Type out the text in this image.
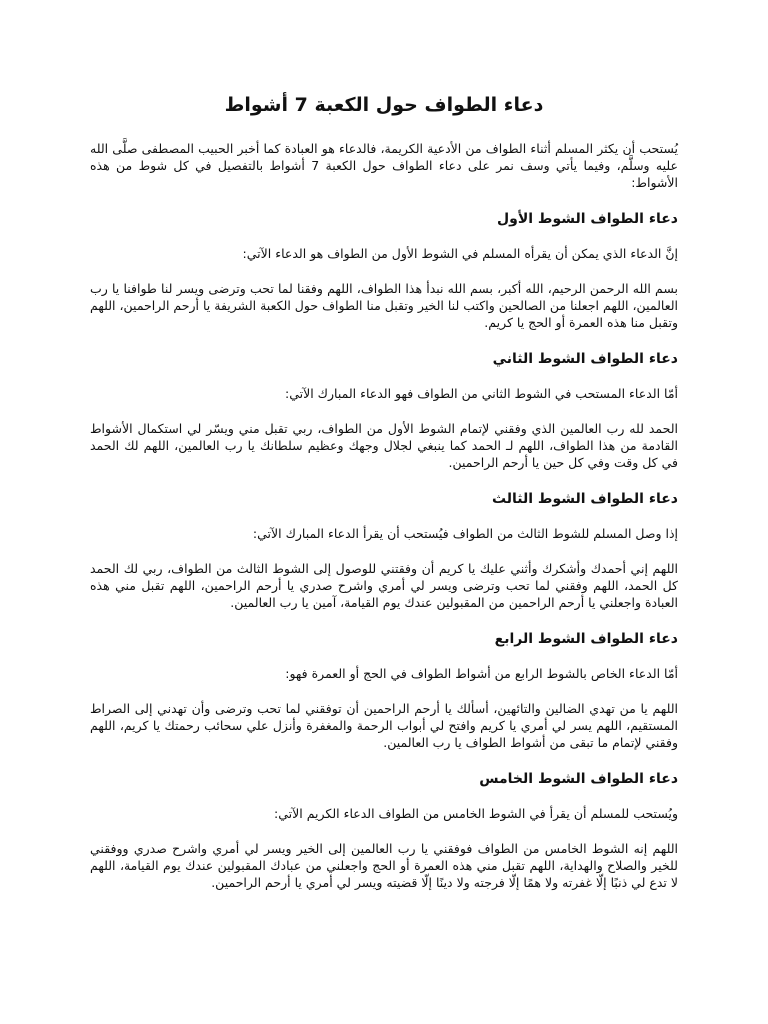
دعاء الطواف حول الكعبة 7 أشواط

يُستحب أن يكثر المسلم أثناء الطواف من الأدعية الكريمة، فالدعاء هو العبادة كما أخبر الحبيب المصطفى صلَّى الله عليه وسلَّم، وفيما يأتي وسف نمر على دعاء الطواف حول الكعبة 7 أشواط بالتفصيل في كل شوط من هذه الأشواط:

دعاء الطواف الشوط الأول

إنَّ الدعاء الذي يمكن أن يقرأه المسلم في الشوط الأول من الطواف هو الدعاء الآتي:

بسم الله الرحمن الرحيم، الله أكبر، بسم الله نبدأ هذا الطواف، اللهم وفقنا لما تحب وترضى ويسر لنا طوافنا يا رب العالمين، اللهم اجعلنا من الصالحين واكتب لنا الخير وتقبل منا الطواف حول الكعبة الشريفة يا أرحم الراحمين، اللهم وتقبل منا هذه العمرة أو الحج يا كريم.

دعاء الطواف الشوط الثاني

أمّا الدعاء المستحب في الشوط الثاني من الطواف فهو الدعاء المبارك الآتي:

الحمد لله رب العالمين الذي وفقني لإتمام الشوط الأول من الطواف، ربي تقبل مني ويسّر لي استكمال الأشواط القادمة من هذا الطواف، اللهم لـ الحمد كما ينبغي لجلال وجهك وعظيم سلطانك يا رب العالمين، اللهم لك الحمد في كل وقت وفي كل حين يا أرحم الراحمين.

دعاء الطواف الشوط الثالث

إذا وصل المسلم للشوط الثالث من الطواف فيُستحب أن يقرأ الدعاء المبارك الآتي:

اللهم إني أحمدك وأشكرك وأثني عليك يا كريم أن وفقتني للوصول إلى الشوط الثالث من الطواف، ربي لك الحمد كل الحمد، اللهم وفقني لما تحب وترضى ويسر لي أمري واشرح صدري يا أرحم الراحمين، اللهم تقبل مني هذه العبادة واجعلني يا أرحم الراحمين من المقبولين عندك يوم القيامة، آمين يا رب العالمين.

دعاء الطواف الشوط الرابع

أمّا الدعاء الخاص بالشوط الرابع من أشواط الطواف في الحج أو العمرة فهو:

اللهم يا من تهدي الضالين والتائهين، أسألك يا أرحم الراحمين أن توفقني لما تحب وترضى وأن تهدني إلى الصراط المستقيم، اللهم يسر لي أمري يا كريم وافتح لي أبواب الرحمة والمغفرة وأنزل علي سحائب رحمتك يا كريم، اللهم وفقني لإتمام ما تبقى من أشواط الطواف يا رب العالمين.

دعاء الطواف الشوط الخامس

ويُستحب للمسلم أن يقرأ في الشوط الخامس من الطواف الدعاء الكريم الآتي:

اللهم إنه الشوط الخامس من الطواف فوفقني يا رب العالمين إلى الخير ويسر لي أمري واشرح صدري ووفقني للخير والصلاح والهداية، اللهم تقبل مني هذه العمرة أو الحج واجعلني من عبادك المقبولين عندك يوم القيامة، اللهم لا تدع لي ذنبًا إلّا غفرته ولا همًا إلّا فرجته ولا دينًا إلّا قضيته ويسر لي أمري يا أرحم الراحمين.
